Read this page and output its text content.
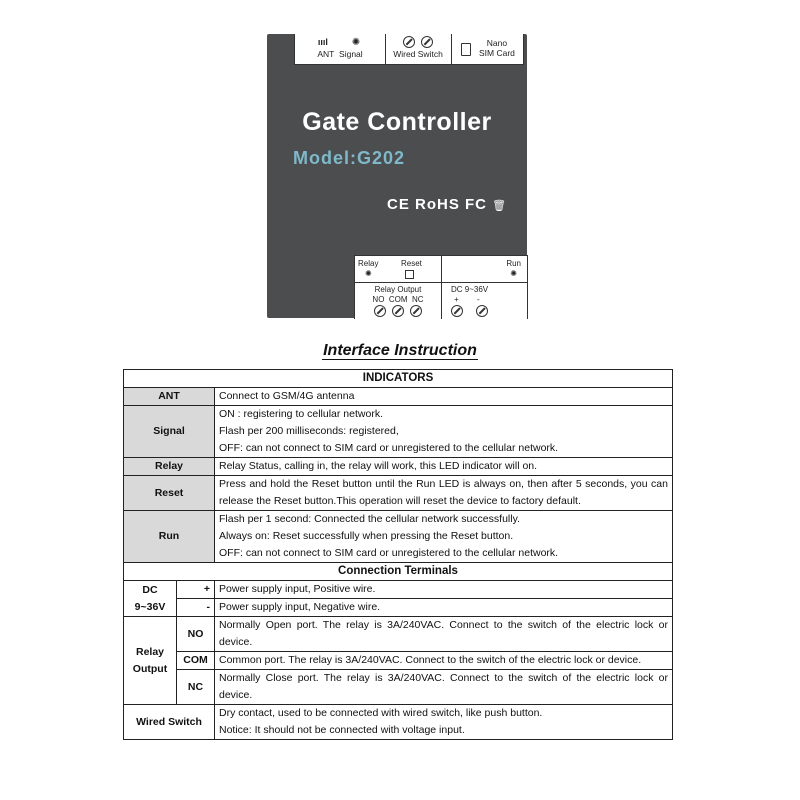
ıııl ✺
ANT Signal	Wired Switch
Nano
SIM Card
Gate Controller
Model:G202
CE RoHS FC 🗑
Relay	Reset
✺
Relay Output
NO COM NC
Run
✺
DC 9~36V
+ -
Interface Instruction
INDICATORS		
ANT		Connect to GSM/4G antenna
Signal		ON : registering to cellular network.
Flash per 200 milliseconds: registered,
OFF: can not connect to SIM card or unregistered to the cellular network.

Relay		Relay Status, calling in, the relay will work, this LED indicator will on.
Reset		Press and hold the Reset button until the Run LED is always on, then after 5 seconds, you can release the Reset button.This operation will reset the device to factory default.
Run		Flash per 1 second: Connected the cellular network successfully.
Always on: Reset successfully when pressing the Reset button.
OFF: can not connect to SIM card or unregistered to the cellular network.

Connection Terminals		

DC
9~36V	+	Power supply input, Positive wire.
	-	Power supply input, Negative wire.

Relay
Output	NO	Normally Open port. The relay is 3A/240VAC. Connect to the switch of the electric lock or device.
	COM	Common port. The relay is 3A/240VAC. Connect to the switch of the electric lock or device.
	NC	Normally Close port. The relay is 3A/240VAC. Connect to the switch of the electric lock or device.
Wired Switch		Dry contact, used to be connected with wired switch, like push button.
Notice: It should not be connected with voltage input.
